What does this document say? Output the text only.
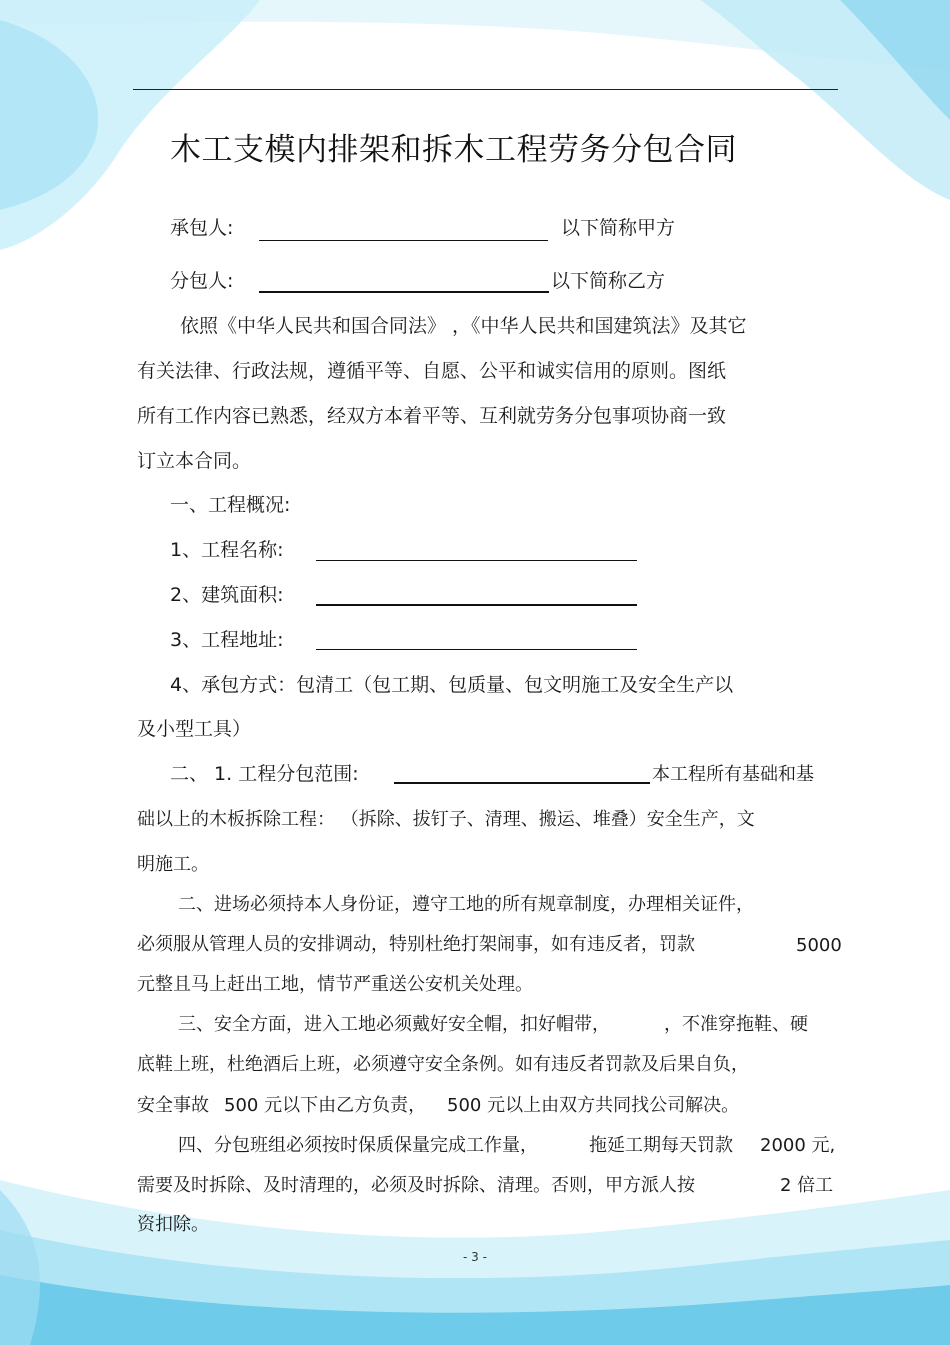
木工支模内排架和拆木工程劳务分包合同
承包人:	以下简称甲方
分包人:	以下简称乙方
依照《中华人民共和国合同法》 ，《中华人民共和国建筑法》及其它
有关法律、行政法规，遵循平等、自愿、公平和诚实信用的原则。图纸
所有工作内容已熟悉，经双方本着平等、互利就劳务分包事项协商一致
订立本合同。
一、工程概况:
1、工程名称:
2、建筑面积:
3、工程地址:
4、承包方式：包清工（包工期、包质量、包文明施工及安全生产以
及小型工具）
二、 1. 工程分包范围:	本工程所有基础和基
础以上的木板拆除工程： （拆除、拔钉子、清理、搬运、堆叠）安全生产，文
明施工。
二、进场必须持本人身份证，遵守工地的所有规章制度，办理相关证件，
必须服从管理人员的安排调动，特别杜绝打架闹事，如有违反者，罚款	5000
元整且马上赶出工地，情节严重送公安机关处理。
三、安全方面，进入工地必须戴好安全帽，扣好帽带，	，不准穿拖鞋、硬
底鞋上班，杜绝酒后上班，必须遵守安全条例。如有违反者罚款及后果自负，
安全事故 500 元以下由乙方负责， 500 元以上由双方共同找公司解决。
四、分包班组必须按时保质保量完成工作量，	拖延工期每天罚款 2000 元,
需要及时拆除、及时清理的，必须及时拆除、清理。否则，甲方派人按	2 倍工
资扣除。
- 3 -
